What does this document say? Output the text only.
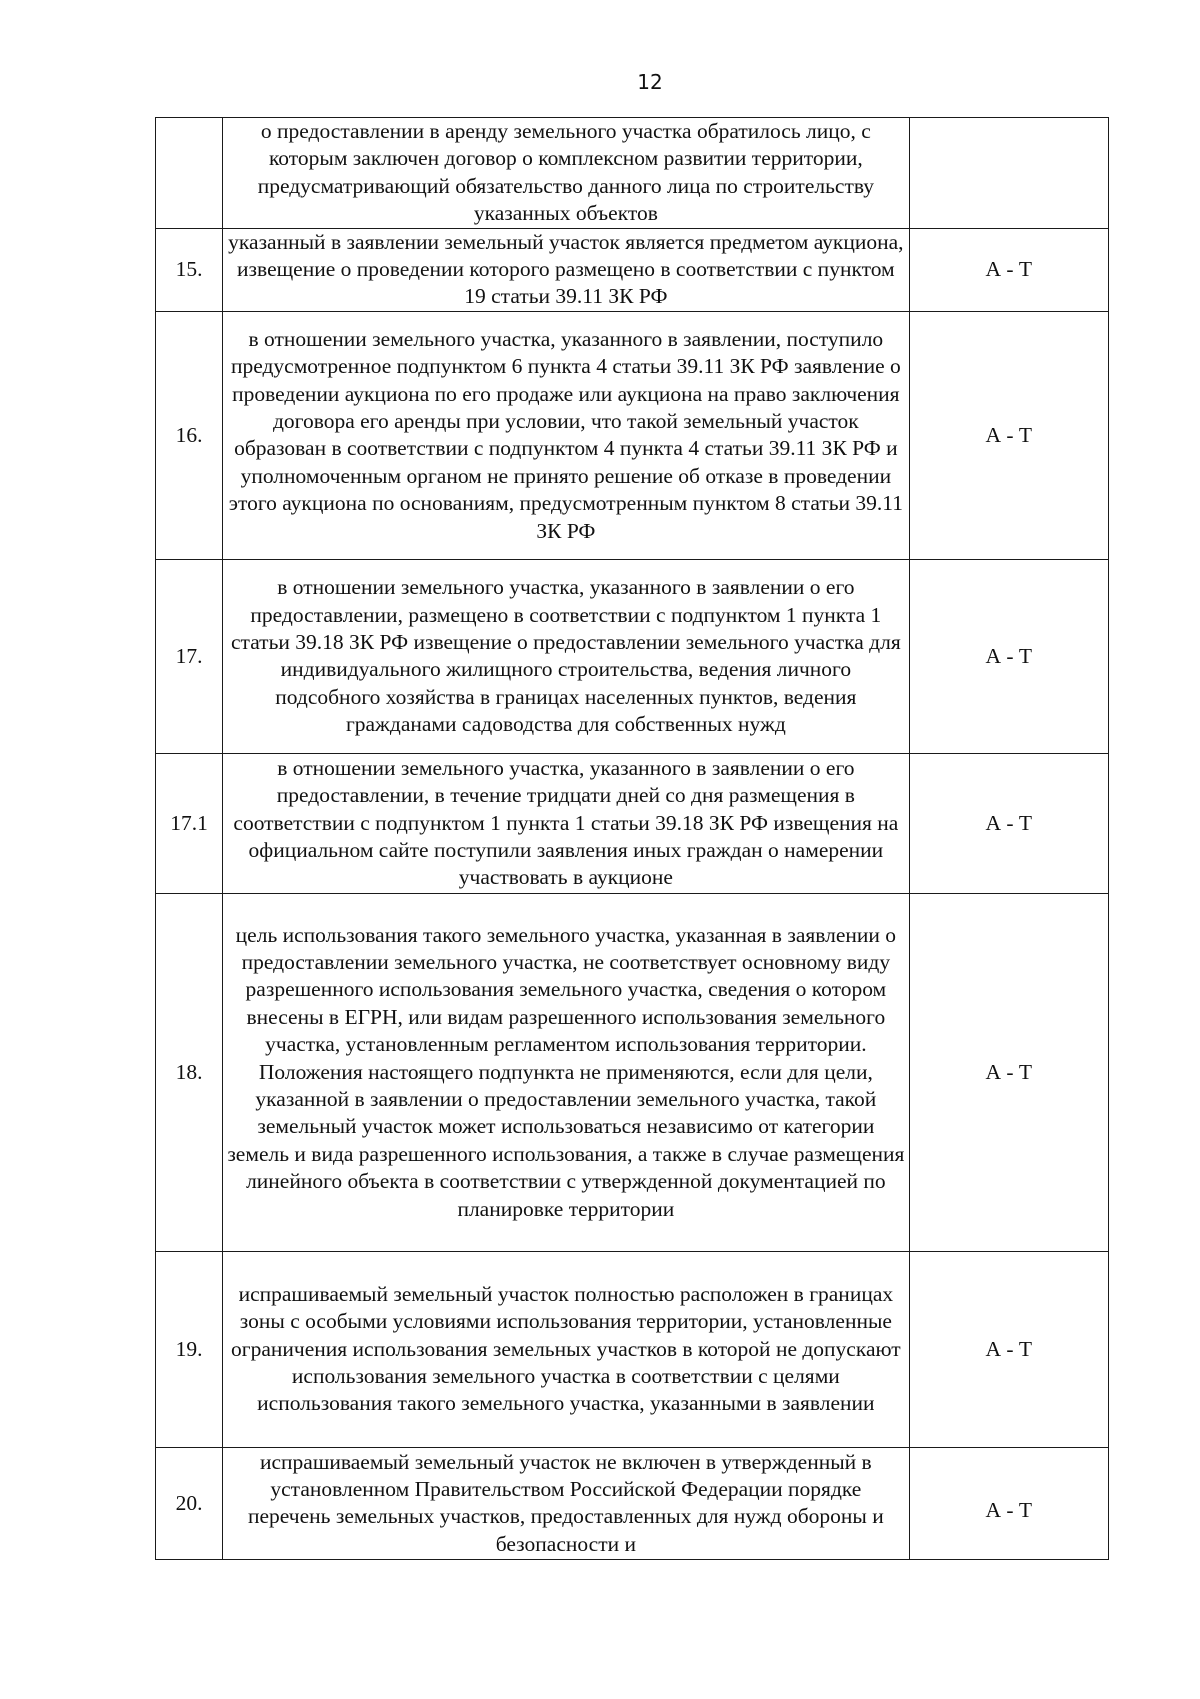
12

	о предоставлении в аренду земельного участка обратилось лицо, с которым заключен договор о комплексном развитии территории, предусматривающий обязательство данного лица по строительству указанных объектов	

15.	указанный в заявлении земельный участок является предметом аукциона, извещение о проведении которого размещено в соответствии с пунктом 19 статьи 39.11 ЗК РФ	А - Т
16.	в отношении земельного участка, указанного в заявлении, поступило предусмотренное подпунктом 6 пункта 4 статьи 39.11 ЗК РФ заявление о проведении аукциона по его продаже или аукциона на право заключения договора его аренды при условии, что такой земельный участок образован в соответствии с подпунктом 4 пункта 4 статьи 39.11 ЗК РФ и уполномоченным органом не принято решение об отказе в проведении этого аукциона по основаниям, предусмотренным пунктом 8 статьи 39.11 ЗК РФ	А - Т
17.	в отношении земельного участка, указанного в заявлении о его предоставлении, размещено в соответствии с подпунктом 1 пункта 1 статьи 39.18 ЗК РФ извещение о предоставлении земельного участка для индивидуального жилищного строительства, ведения личного подсобного хозяйства в границах населенных пунктов, ведения гражданами садоводства для собственных нужд	А - Т
17.1	в отношении земельного участка, указанного в заявлении о его предоставлении, в течение тридцати дней со дня размещения в соответствии с подпунктом 1 пункта 1 статьи 39.18 ЗК РФ извещения на официальном сайте поступили заявления иных граждан о намерении участвовать в аукционе	А - Т
18.	цель использования такого земельного участка, указанная в заявлении о предоставлении земельного участка, не соответствует основному виду разрешенного использования земельного участка, сведения о котором внесены в ЕГРН, или видам разрешенного использования земельного участка, установленным регламентом использования территории. Положения настоящего подпункта не применяются, если для цели, указанной в заявлении о предоставлении земельного участка, такой земельный участок может использоваться независимо от категории земель и вида разрешенного использования, а также в случае размещения линейного объекта в соответствии с утвержденной документацией по планировке территории	А - Т
19.	испрашиваемый земельный участок полностью расположен в границах зоны с особыми условиями использования территории, установленные ограничения использования земельных участков в которой не допускают использования земельного участка в соответствии с целями использования такого земельного участка, указанными в заявлении	А - Т
20.	испрашиваемый земельный участок не включен в утвержденный в установленном Правительством Российской Федерации порядке перечень земельных участков, предоставленных для нужд обороны и безопасности и	А - Т
